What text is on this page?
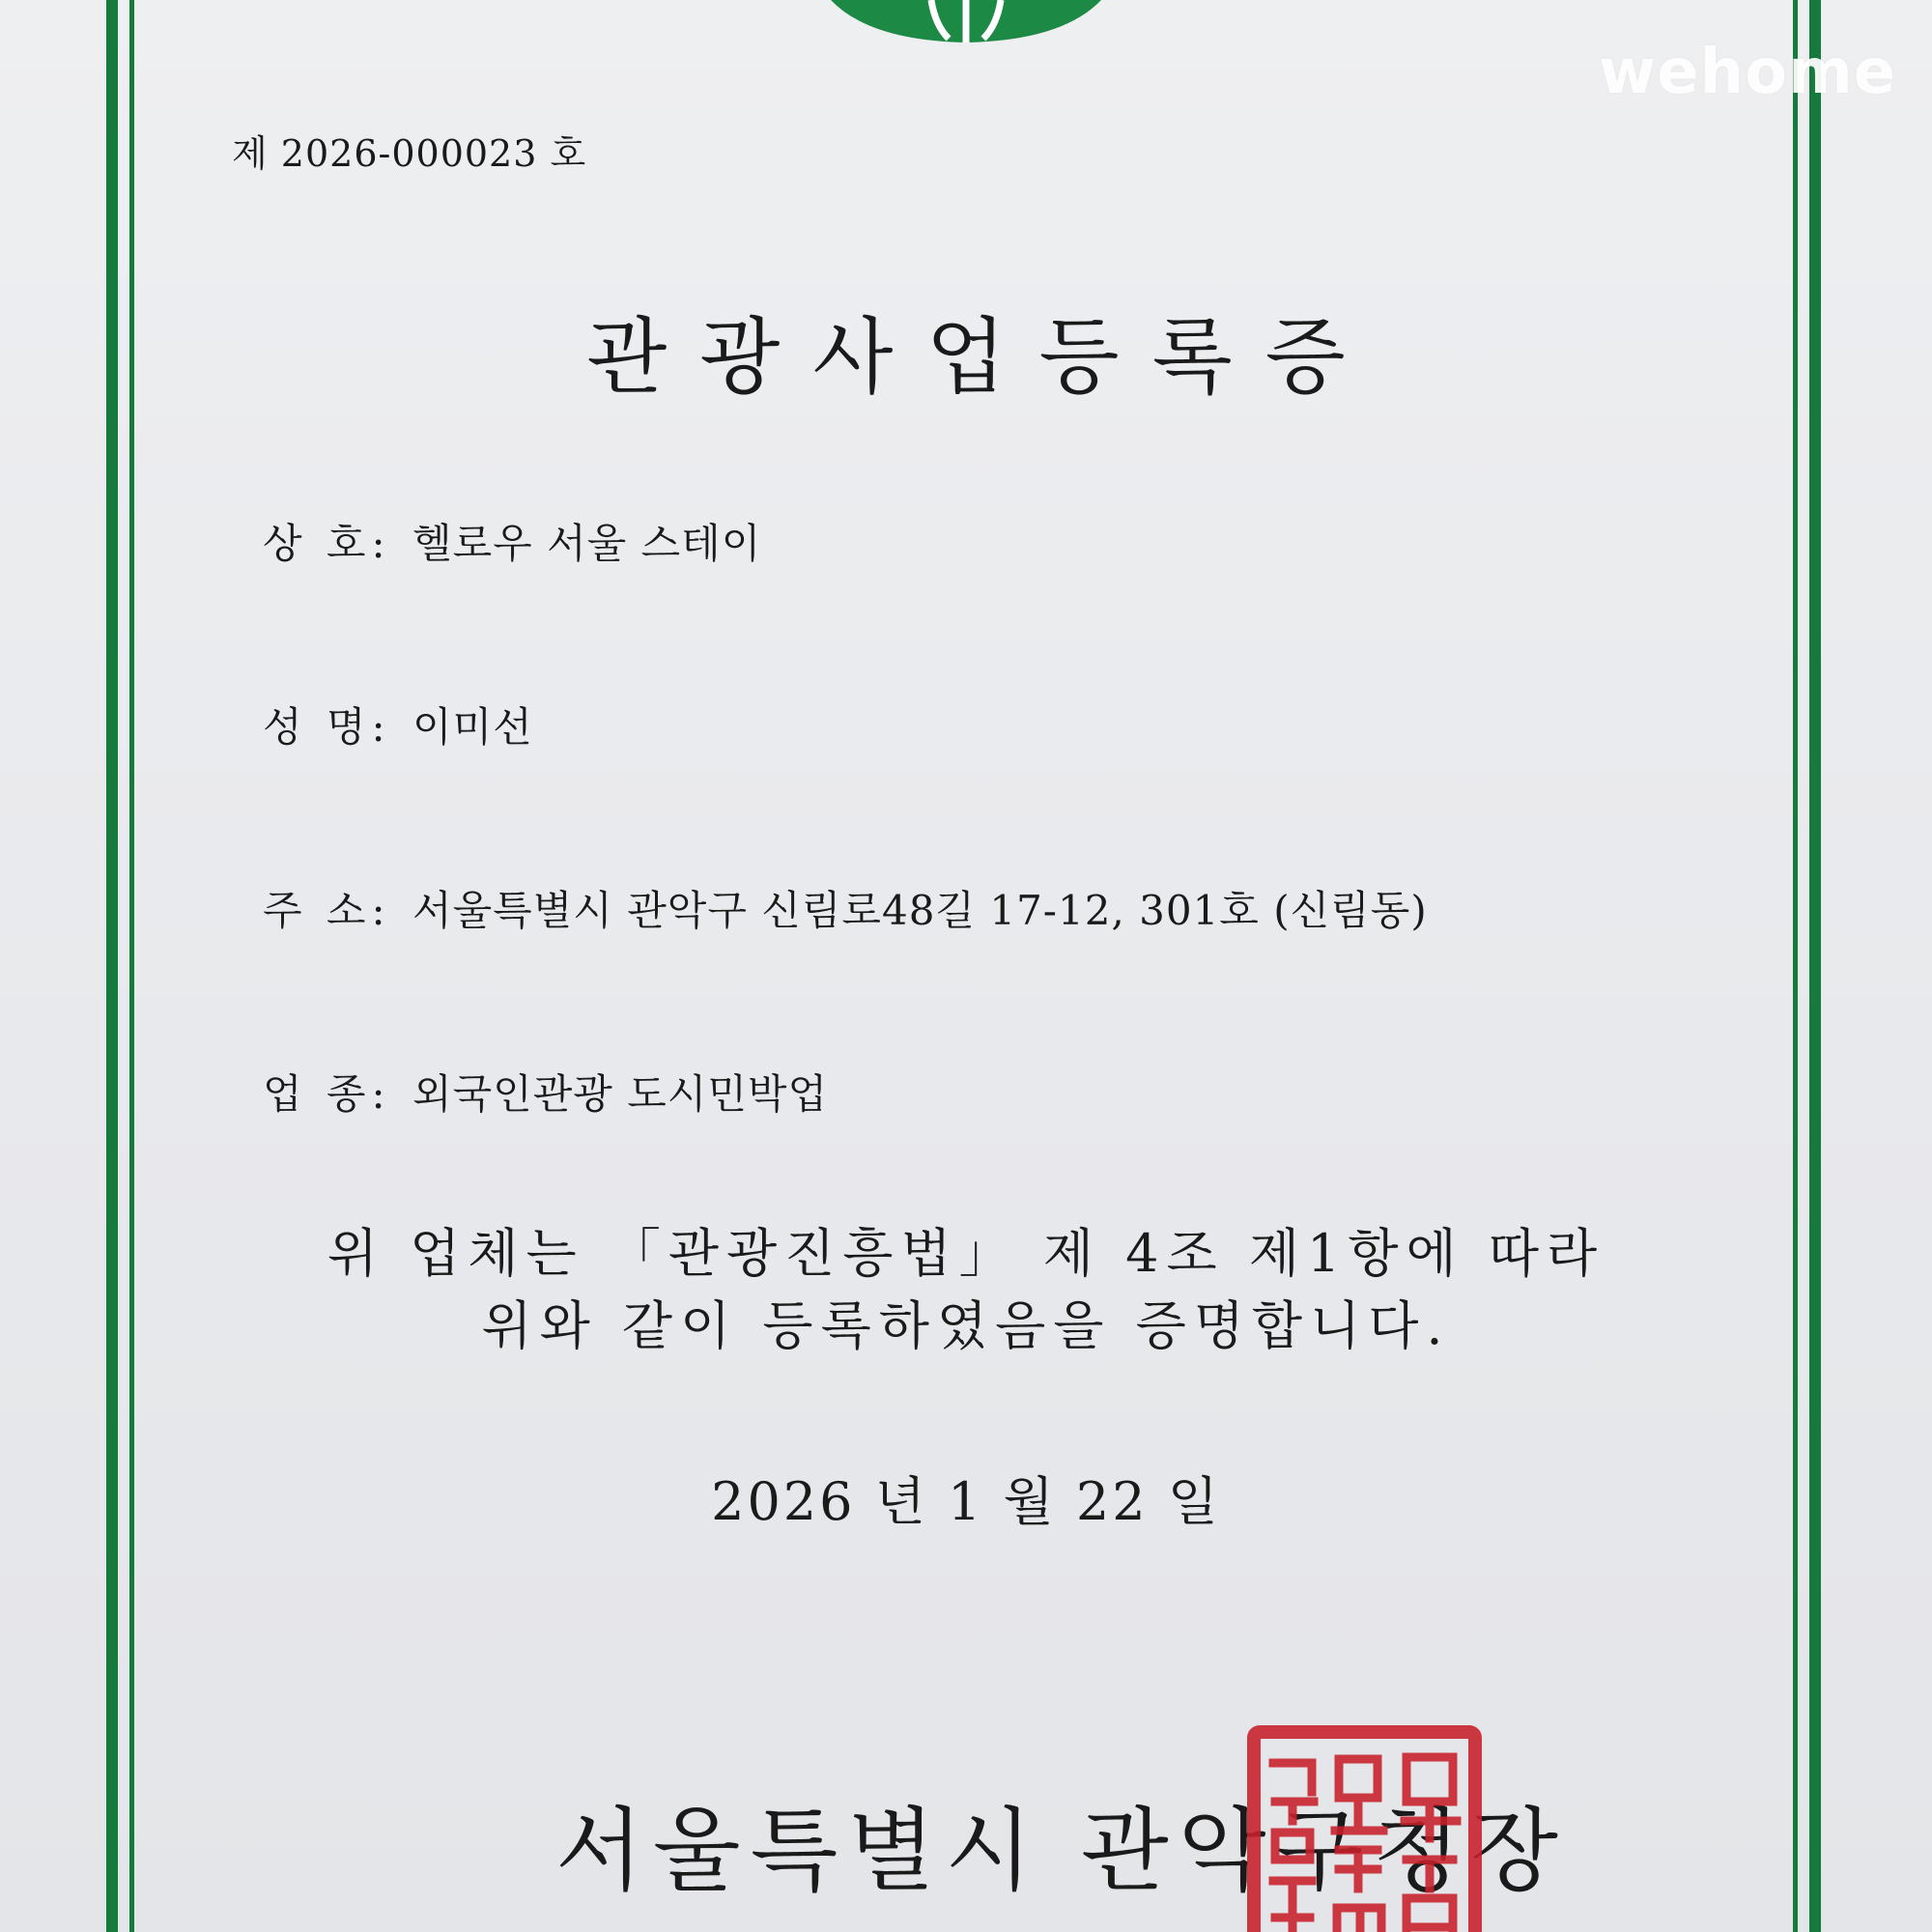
wehome
제 2026-000023 호
관광사업등록증
상 호: 헬로우 서울 스테이
성 명: 이미선
주 소: 서울특별시 관악구 신림로48길 17-12, 301호 (신림동)
업 종: 외국인관광 도시민박업
위 업체는 「관광진흥법」 제 4조 제1항에 따라
위와 같이 등록하였음을 증명합니다.
2026 년 1 월 22 일
서울특별시 관악구청장
